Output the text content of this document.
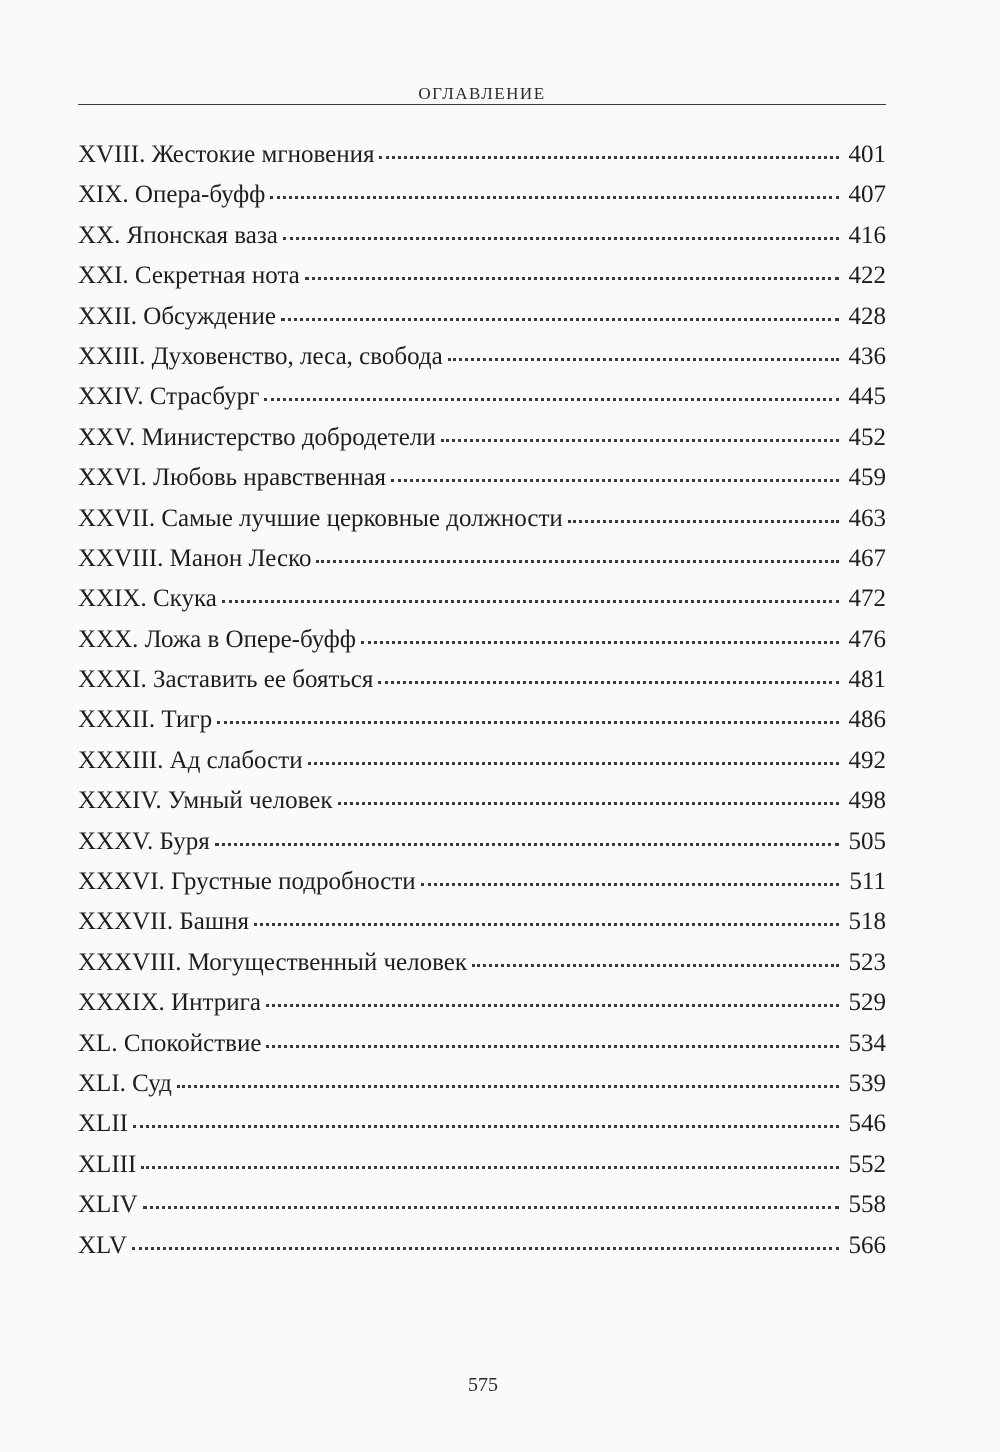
ОГЛАВЛЕНИЕ
XVIII. Жестокие мгновения	401
XIX. Опера-буфф	407
XX. Японская ваза	416
XXI. Секретная нота	422
XXII. Обсуждение	428
XXIII. Духовенство, леса, свобода	436
XXIV. Страсбург	445
XXV. Министерство добродетели	452
XXVI. Любовь нравственная	459
XXVII. Самые лучшие церковные должности	463
XXVIII. Манон Леско	467
XXIX. Скука	472
XXX. Ложа в Опере-буфф	476
XXXI. Заставить ее бояться	481
XXXII. Тигр	486
XXXIII. Ад слабости	492
XXXIV. Умный человек	498
XXXV. Буря	505
XXXVI. Грустные подробности	511
XXXVII. Башня	518
XXXVIII. Могущественный человек	523
XXXIX. Интрига	529
XL. Спокойствие	534
XLI. Суд	539
XLII	546
XLIII	552
XLIV	558
XLV	566
575
